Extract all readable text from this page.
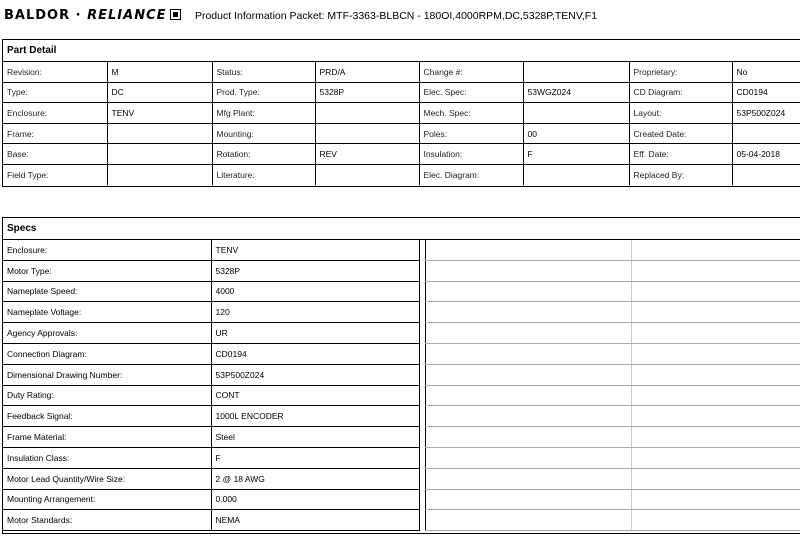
BALDOR · RELIANCE	Product Information Packet: MTF-3363-BLBCN - 180OI,4000RPM,DC,5328P,TENV,F1
Part Detail
Revision:	M	Status:	PRD/A	Change #:		Proprietary:	No
Type:	DC	Prod. Type:	5328P	Elec. Spec:	53WGZ024	CD Diagram:	CD0194
Enclosure:	TENV	Mfg Plant:		Mech. Spec:		Layout:	53P500Z024
Frame:		Mounting:		Poles:	00	Created Date:	
Base:		Rotation:	REV	Insulation:	F	Eff. Date:	05-04-2018
Field Type:		Literature:		Elec. Diagram:		Replaced By:	
Specs
Enclosure:	TENV
Motor Type:	5328P
Nameplate Speed:	4000
Nameplate Voltage:	120
Agency Approvals:	UR
Connection Diagram:	CD0194
Dimensional Drawing Number:	53P500Z024
Duty Rating:	CONT
Feedback Signal:	1000L ENCODER
Frame Material:	Steel
Insulation Class:	F
Motor Lead Quantity/Wire Size:	2 @ 18 AWG
Mounting Arrangement:	0.000
Motor Standards:	NEMA
